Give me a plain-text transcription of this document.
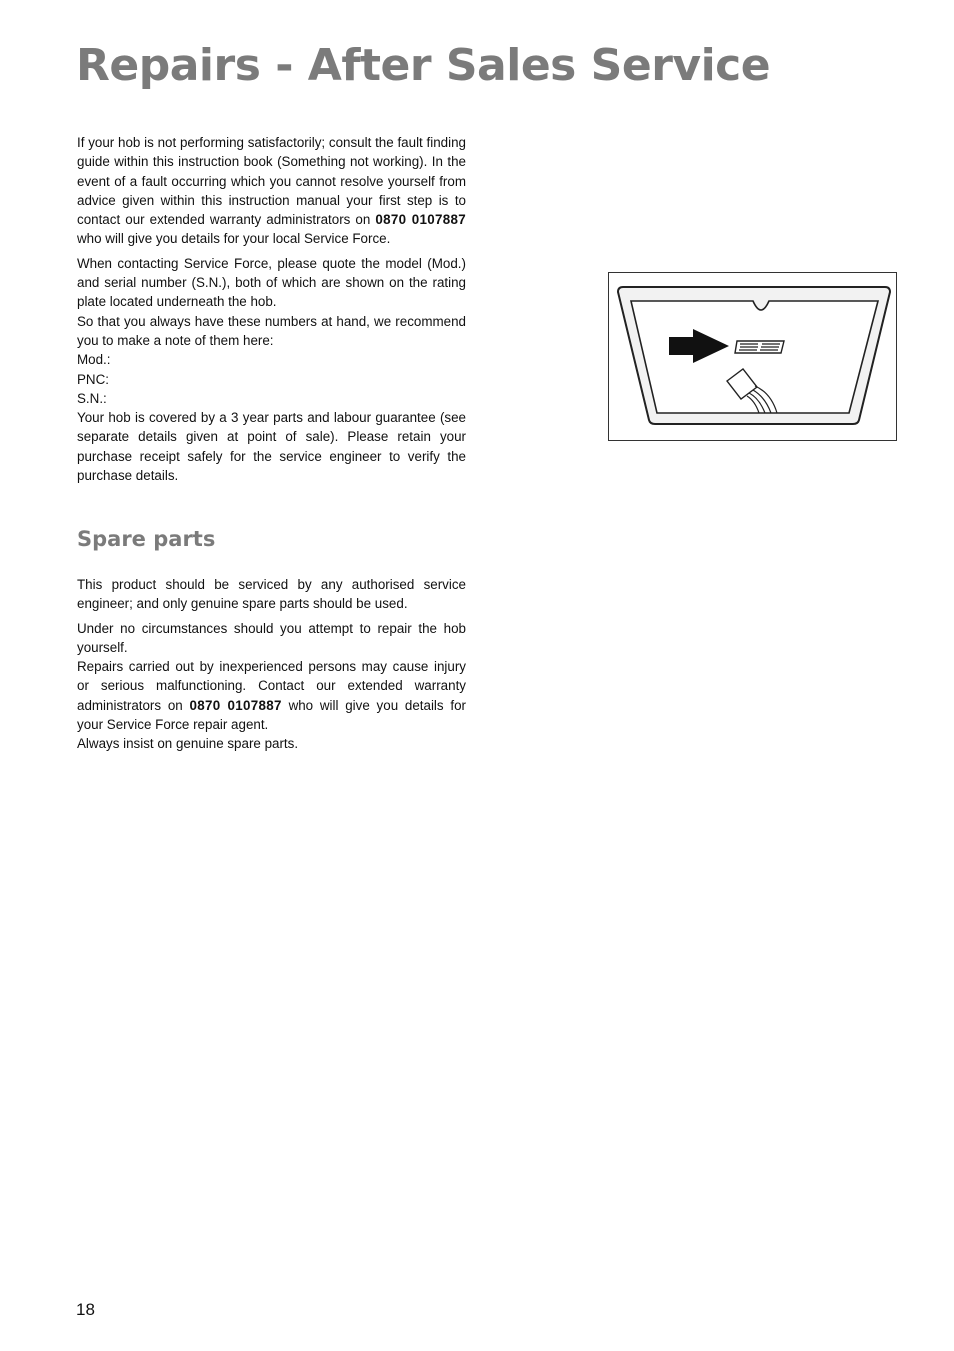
Repairs - After Sales Service

If your hob is not performing satisfactorily; consult the fault finding guide within this instruction book (Something not working). In the event of a fault occurring which you cannot resolve yourself from advice given within this instruction manual your first step is to contact our extended warranty administrators on 0870 0107887 who will give you details for your local Service Force.

When contacting Service Force, please quote the model (Mod.) and serial number (S.N.), both of which are shown on the rating plate located underneath the hob.

So that you always have these numbers at hand, we recommend you to make a note of them here:

Mod.:

PNC:

S.N.:

Your hob is covered by a 3 year parts and labour guarantee (see separate details given at point of sale). Please retain your purchase receipt safely for the service engineer to verify the purchase details.

Spare parts

This product should be serviced by any authorised service engineer; and only genuine spare parts should be used.

Under no circumstances should you attempt to repair the hob yourself.

Repairs carried out by inexperienced persons may cause injury or serious malfunctioning. Contact our extended warranty administrators on 0870 0107887 who will give you details for your Service Force repair agent.

Always insist on genuine spare parts.

18
